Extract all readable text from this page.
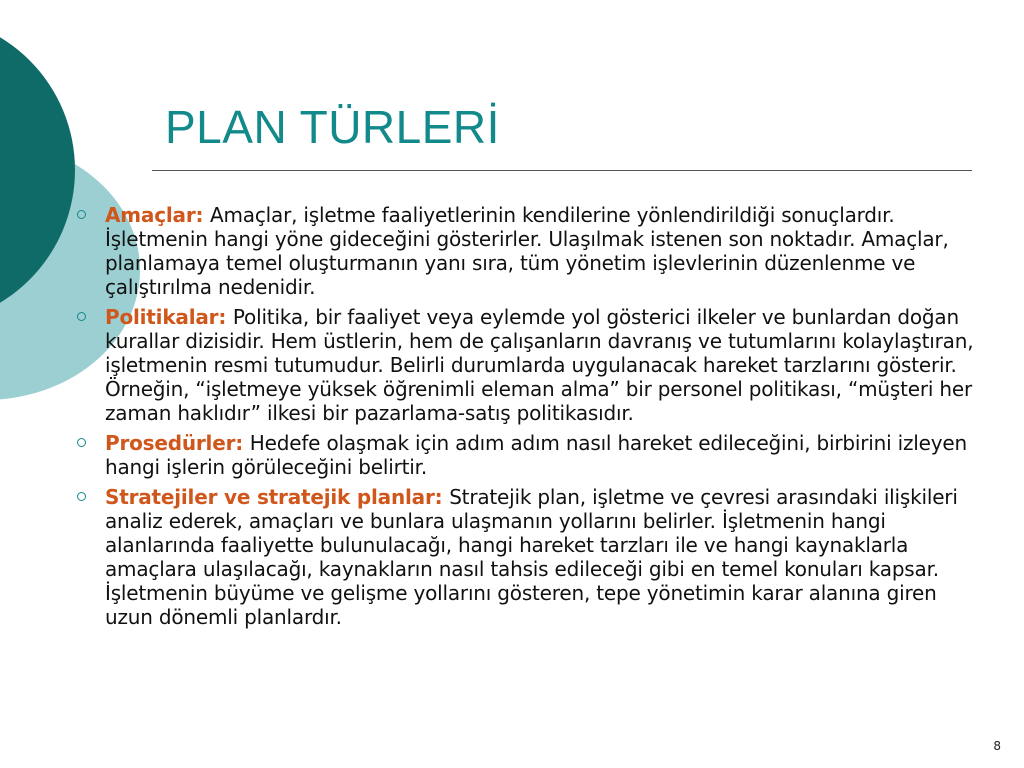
PLAN TÜRLERİ
Amaçlar: Amaçlar, işletme faaliyetlerinin kendilerine yönlendirildiği sonuçlardır. İşletmenin hangi yöne gideceğini gösterirler. Ulaşılmak istenen son noktadır. Amaçlar, planlamaya temel oluşturmanın yanı sıra, tüm yönetim işlevlerinin düzenlenme ve çalıştırılma nedenidir.
Politikalar: Politika, bir faaliyet veya eylemde yol gösterici ilkeler ve bunlardan doğan kurallar dizisidir. Hem üstlerin, hem de çalışanların davranış ve tutumlarını kolaylaştıran, işletmenin resmi tutumudur. Belirli durumlarda uygulanacak hareket tarzlarını gösterir. Örneğin, “işletmeye yüksek öğrenimli eleman alma” bir personel politikası, “müşteri her zaman haklıdır” ilkesi bir pazarlama-satış politikasıdır.
Prosedürler: Hedefe olaşmak için adım adım nasıl hareket edileceğini, birbirini izleyen hangi işlerin görüleceğini belirtir.
Stratejiler ve stratejik planlar: Stratejik plan, işletme ve çevresi arasındaki ilişkileri analiz ederek, amaçları ve bunlara ulaşmanın yollarını belirler. İşletmenin hangi alanlarında faaliyette bulunulacağı, hangi hareket tarzları ile ve hangi kaynaklarla amaçlara ulaşılacağı, kaynakların nasıl tahsis edileceği gibi en temel konuları kapsar. İşletmenin büyüme ve gelişme yollarını gösteren, tepe yönetimin karar alanına giren uzun dönemli planlardır.
8
